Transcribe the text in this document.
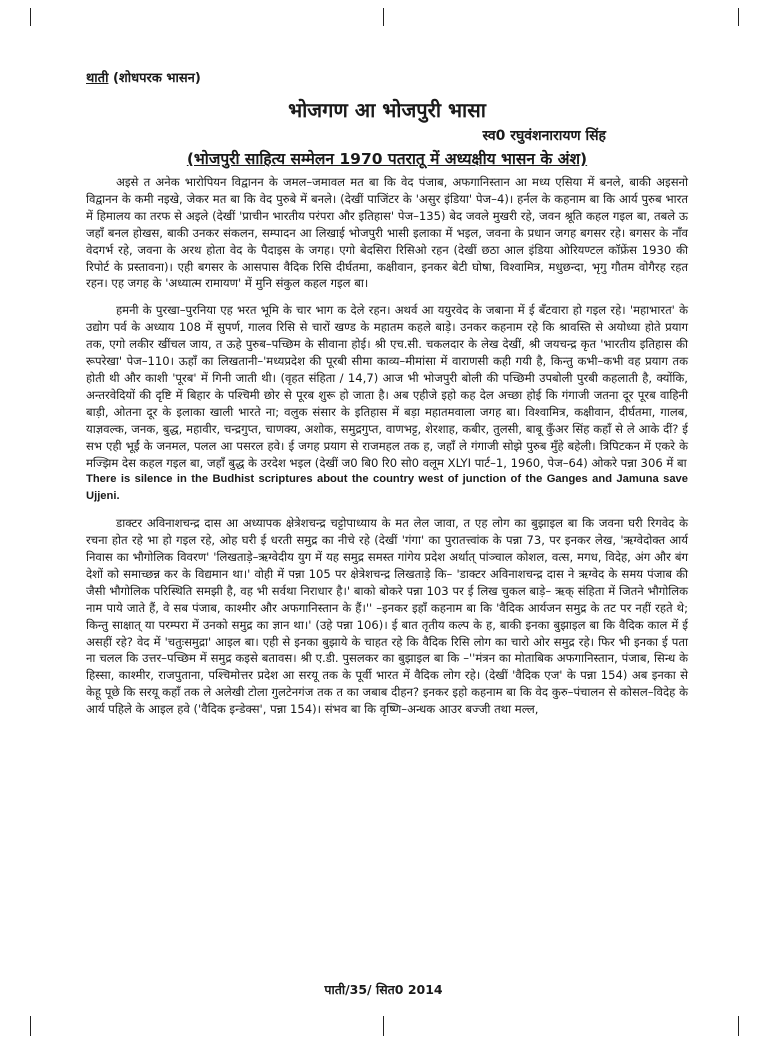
थाती (शोधपरक भासन)
भोजगण आ भोजपुरी भासा
स्व0 रघुवंशनारायण सिंह
(भोजपुरी साहित्य सम्मेलन 1970 पतरातू में अध्यक्षीय भासन के अंश)

अइसे त अनेक भारोपियन विद्वानन के जमल–जमावल मत बा कि वेद पंजाब, अफगानिस्तान आ मध्य एसिया में बनले, बाकी अइसनो विद्वानन के कमी नइखे, जेकर मत बा कि वेद पुरुबे में बनले। (देखीं पाजिंटर के 'असुर इंडिया' पेज–4)। हर्नल के कहनाम बा कि आर्य पुरुब भारत में हिमालय का तरफ से अइले (देखीं 'प्राचीन भारतीय परंपरा और इतिहास' पेज–135) बेद जवले मुखरी रहे, जवन श्रूति कहल गइल बा, तबले ऊ जहाँ बनल होखस, बाकी उनकर संकलन, सम्पादन आ लिखाई भोजपुरी भासी इलाका में भइल, जवना के प्रधान जगह बगसर रहे। बगसर के नाँव वेदगर्भ रहे, जवना के अरथ होता वेद के पैदाइस के जगह। एगो बेदसिरा रिसिओ रहन (देखीं छठा आल इंडिया ओरियण्टल कॉफ्रेंस 1930 की रिपोर्ट के प्रस्तावना)। एही बगसर के आसपास वैदिक रिसि दीर्घतमा, कक्षीवान, इनकर बेटी घोषा, विश्वामित्र, मधुछन्दा, भृगु गौतम वोगैरह रहत रहन। एह जगह के 'अध्यात्म रामायण' में मुनि संकुल कहल गइल बा।

हमनी के पुरखा–पुरनिया एह भरत भूमि के चार भाग क देले रहन। अथर्व आ ययुरवेद के जबाना में ई बँटवारा हो गइल रहे। 'महाभारत' के उद्योग पर्व के अध्याय 108 में सुपर्ण, गालव रिसि से चारों खण्ड के महातम कहले बाड़े। उनकर कहनाम रहे कि श्रावस्ति से अयोध्या होते प्रयाग तक, एगो लकीर खींचल जाय, त ऊहे पुरुब–पच्छिम के सीवाना होई। श्री एच.सी. चकलदार के लेख देखीं, श्री जयचन्द्र कृत 'भारतीय इतिहास की रूपरेखा' पेज–110। ऊहाँ का लिखतानी–'मध्यप्रदेश की पूरबी सीमा काव्य–मीमांसा में वाराणसी कही गयी है, किन्तु कभी–कभी वह प्रयाग तक होती थी और काशी 'पूरब' में गिनी जाती थी। (वृहत संहिता / 14,7) आज भी भोजपुरी बोली की पच्छिमी उपबोली पुरबी कहलाती है, क्योंकि, अन्तरवेदियों की दृष्टि में बिहार के पश्चिमी छोर से पूरब शुरू हो जाता है। अब एहीजे इहो कह देल अच्छा होई कि गंगाजी जतना दूर पूरब वाहिनी बाड़ी, ओतना दूर के इलाका खाली भारते ना; वलुक संसार के इतिहास में बड़ा महातमवाला जगह बा। विश्वामित्र, कक्षीवान, दीर्घतमा, गालब, याज्ञवल्क, जनक, बुद्ध, महावीर, चन्द्रगुप्त, चाणक्य, अशोक, समुद्रगुप्त, वाणभट्ट, शेरशाह, कबीर, तुलसी, बाबू कुँअर सिंह कहाँ से ले आके दीं? ई सभ एही भूईं के जनमल, पलल आ पसरल हवे। ई जगह प्रयाग से राजमहल तक ह, जहाँ ले गंगाजी सोझे पुरुब मुँहे बहेली। त्रिपिटकन में एकरे के मज्झिम देस कहल गइल बा, जहाँ बुद्ध के उरदेश भइल (देखीं ज0 बि0 रि0 सो0 वलूम XLYI पार्ट–1, 1960, पेज–64) ओकरे पन्ना 306 में बा

There is silence in the Budhist scriptures about the country west of junction of the Ganges and Jamuna save Ujjeni.

डाक्टर अविनाशचन्द्र दास आ अध्यापक क्षेत्रेशचन्द्र चट्टोपाध्याय के मत लेल जावा, त एह लोग का बुझाइल बा कि जवना घरी रिगवेद के रचना होत रहे भा हो गइल रहे, ओह घरी ई धरती समुद्र का नीचे रहे (देखीं 'गंगा' का पुरातत्त्वांक के पन्ना 73, पर इनकर लेख, 'ऋग्वेदोक्त आर्य निवास का भौगोलिक विवरण' 'लिखताड़े–ऋग्वेदीय युग में यह समुद्र समस्त गांगेय प्रदेश अर्थात् पांञ्चाल कोशल, वत्स, मगध, विदेह, अंग और बंग देशों को समाच्छन्न कर के विद्यमान था।' वोही में पन्ना 105 पर क्षेत्रेशचन्द्र लिखताड़े कि– 'डाक्टर अविनाशचन्द्र दास ने ऋग्वेद के समय पंजाब की जैसी भौगोलिक परिस्थिति समझी है, वह भी सर्वथा निराधार है।' बाको बोकरे पन्ना 103 पर ई लिख चुकल बाड़े– ऋक् संहिता में जितने भौगोलिक नाम पाये जाते हैं, वे सब पंजाब, काश्मीर और अफगानिस्तान के हैं।'' –इनकर इहाँ कहनाम बा कि 'वैदिक आर्यजन समुद्र के तट पर नहीं रहते थे; किन्तु साक्षात् या परम्परा में उनको समुद्र का ज्ञान था।' (उहे पन्ना 106)। ई बात तृतीय कल्प के ह, बाकी इनका बुझाइल बा कि वैदिक काल में ई असहीं रहे? वेद में 'चतुःसमुद्रा' आइल बा। एही से इनका बुझाये के चाहत रहे कि वैदिक रिसि लोग का चारो ओर समुद्र रहे। फिर भी इनका ई पता ना चलल कि उत्तर–पच्छिम में समुद्र कइसे बतावस। श्री ए.डी. पुसलकर का बुझाइल बा कि –''मंत्रन का मोताबिक अफगानिस्तान, पंजाब, सिन्ध के हिस्सा, काश्मीर, राजपुताना, पश्चिमोत्तर प्रदेश आ सरयू तक के पूर्वी भारत में वैदिक लोग रहे। (देखीं 'वैदिक एज' के पन्ना 154) अब इनका से केहू पूछे कि सरयू कहाँ तक ले अलेखी टोला गुलटेनगंज तक त का जबाब दीहन? इनकर इहो कहनाम बा कि वेद कुरु–पंचालन से कोसल–विदेह के आर्य पहिले के आइल हवे ('वैदिक इन्डेक्स', पन्ना 154)। संभव बा कि वृष्णि–अन्धक आउर बज्जी तथा मल्ल,

पाती/35/ सित0 2014
